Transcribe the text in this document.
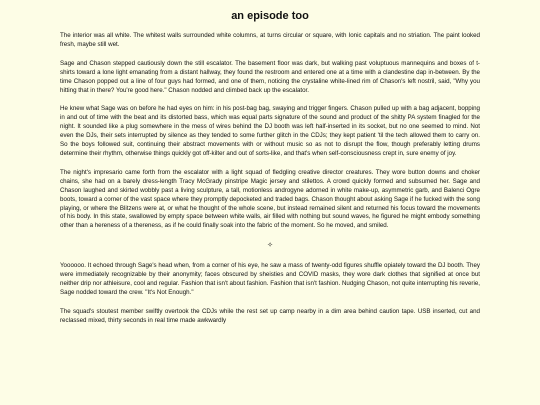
an episode too

The interior was all white. The whitest walls surrounded white columns, at turns circular or square, with Ionic capitals and no striation. The paint looked fresh, maybe still wet.

Sage and Chason stepped cautiously down the still escalator. The basement floor was dark, but walking past voluptuous mannequins and boxes of t-shirts toward a lone light emanating from a distant hallway, they found the restroom and entered one at a time with a clandestine dap in-between. By the time Chason popped out a line of four guys had formed, and one of them, noticing the crystaline white-lined rim of Chason's left nostril, said, "Why you hitting that in there? You're good here." Chason nodded and climbed back up the escalator.

He knew what Sage was on before he had eyes on him: in his post-bag bag, swaying and trigger fingers. Chason pulled up with a bag adjacent, bopping in and out of time with the beat and its distorted bass, which was equal parts signature of the sound and product of the shitty PA system finagled for the night. It sounded like a plug somewhere in the mess of wires behind the DJ booth was left half-inserted in its socket, but no one seemed to mind. Not even the DJs, their sets interrupted by silence as they tended to some further glitch in the CDJs; they kept patient 'til the tech allowed them to carry on. So the boys followed suit, continuing their abstract movements with or without music so as not to disrupt the flow, though preferably letting drums determine their rhythm, otherwise things quickly got off-kilter and out of sorts-like, and that's when self-consciousness crept in, sure enemy of joy.

The night's impresario came forth from the escalator with a light squad of fledgling creative director creatures. They wore button downs and choker chains, she had on a barely dress-length Tracy McGrady pinstripe Magic jersey and stilettos. A crowd quickly formed and subsumed her. Sage and Chason laughed and skirted wobbly past a living sculpture, a tall, motionless androgyne adorned in white make-up, asymmetric garb, and Balenci Ogre boots, toward a corner of the vast space where they promptly depocketed and traded bags. Chason thought about asking Sage if he fucked with the song playing, or where the Blitzens were at, or what he thought of the whole scene, but instead remained silent and returned his focus toward the movements of his body. In this state, swallowed by empty space between white walls, air filled with nothing but sound waves, he figured he might embody something other than a hereness of a thereness, as if he could finally soak into the fabric of the moment. So he moved, and smiled.

✧

Yoooooo. It echoed through Sage's head when, from a corner of his eye, he saw a mass of twenty-odd figures shuffle opiately toward the DJ booth. They were immediately recognizable by their anonymity; faces obscured by sheisties and COVID masks, they wore dark clothes that signified at once but neither drip nor athleisure, cool and regular. Fashion that isn't about fashion. Fashion that isn't fashion. Nudging Chason, not quite interrupting his reverie, Sage nodded toward the crew. "It's Not Enough."

The squad's stoutest member swiftly overtook the CDJs while the rest set up camp nearby in a dim area behind caution tape. USB inserted, cut and reclassed mixed, thirty seconds in real time made awkwardly
